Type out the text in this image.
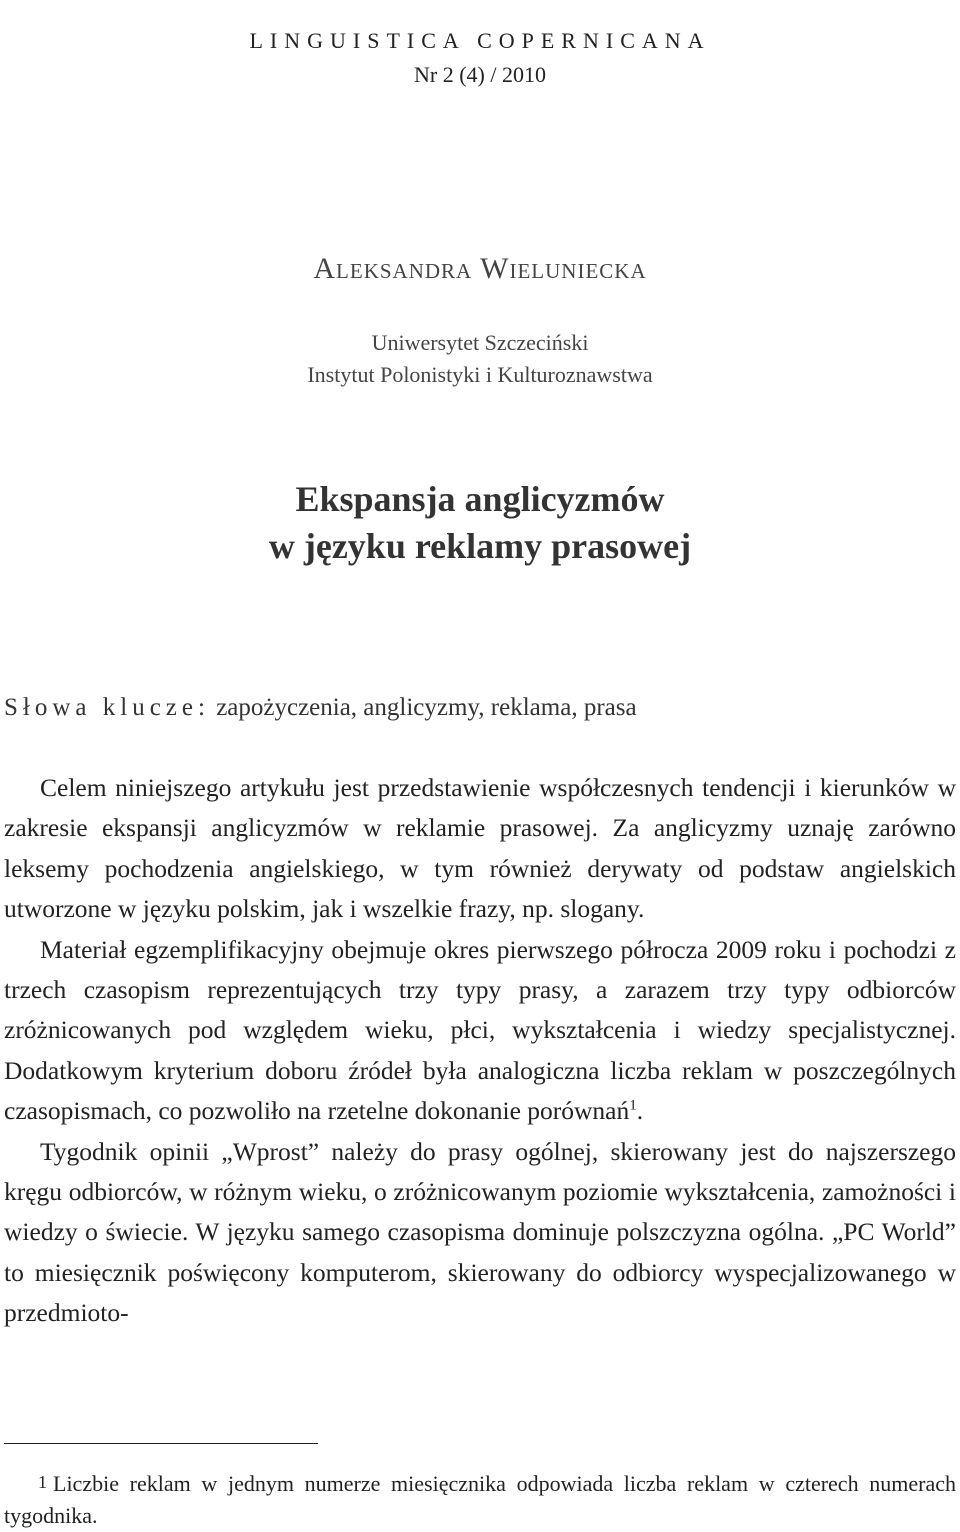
LINGUISTICA COPERNICANA
Nr 2 (4) / 2010
Aleksandra Wieluniecka
Uniwersytet Szczeciński
Instytut Polonistyki i Kulturoznawstwa
Ekspansja anglicyzmów
w języku reklamy prasowej
Słowa klucze: zapożyczenia, anglicyzmy, reklama, prasa

Celem niniejszego artykułu jest przedstawienie współczesnych tendencji i kierunków w zakresie ekspansji anglicyzmów w reklamie prasowej. Za anglicyzmy uznaję zarówno leksemy pochodzenia angielskiego, w tym również derywaty od podstaw angielskich utworzone w języku polskim, jak i wszelkie frazy, np. slogany.

Materiał egzemplifikacyjny obejmuje okres pierwszego półrocza 2009 roku i pochodzi z trzech czasopism reprezentujących trzy typy prasy, a zarazem trzy typy odbiorców zróżnicowanych pod względem wieku, płci, wykształcenia i wiedzy specjalistycznej. Dodatkowym kryterium doboru źródeł była analogiczna liczba reklam w poszczególnych czasopismach, co pozwoliło na rzetelne dokonanie porównań$^1$.

Tygodnik opinii „Wprost” należy do prasy ogólnej, skierowany jest do najszerszego kręgu odbiorców, w różnym wieku, o zróżnicowanym poziomie wykształcenia, zamożności i wiedzy o świecie. W języku samego czasopisma dominuje polszczyzna ogólna. „PC World” to miesięcznik poświęcony komputerom, skierowany do odbiorcy wyspecjalizowanego w przedmioto-

1 Liczbie reklam w jednym numerze miesięcznika odpowiada liczba reklam w czterech numerach tygodnika.
